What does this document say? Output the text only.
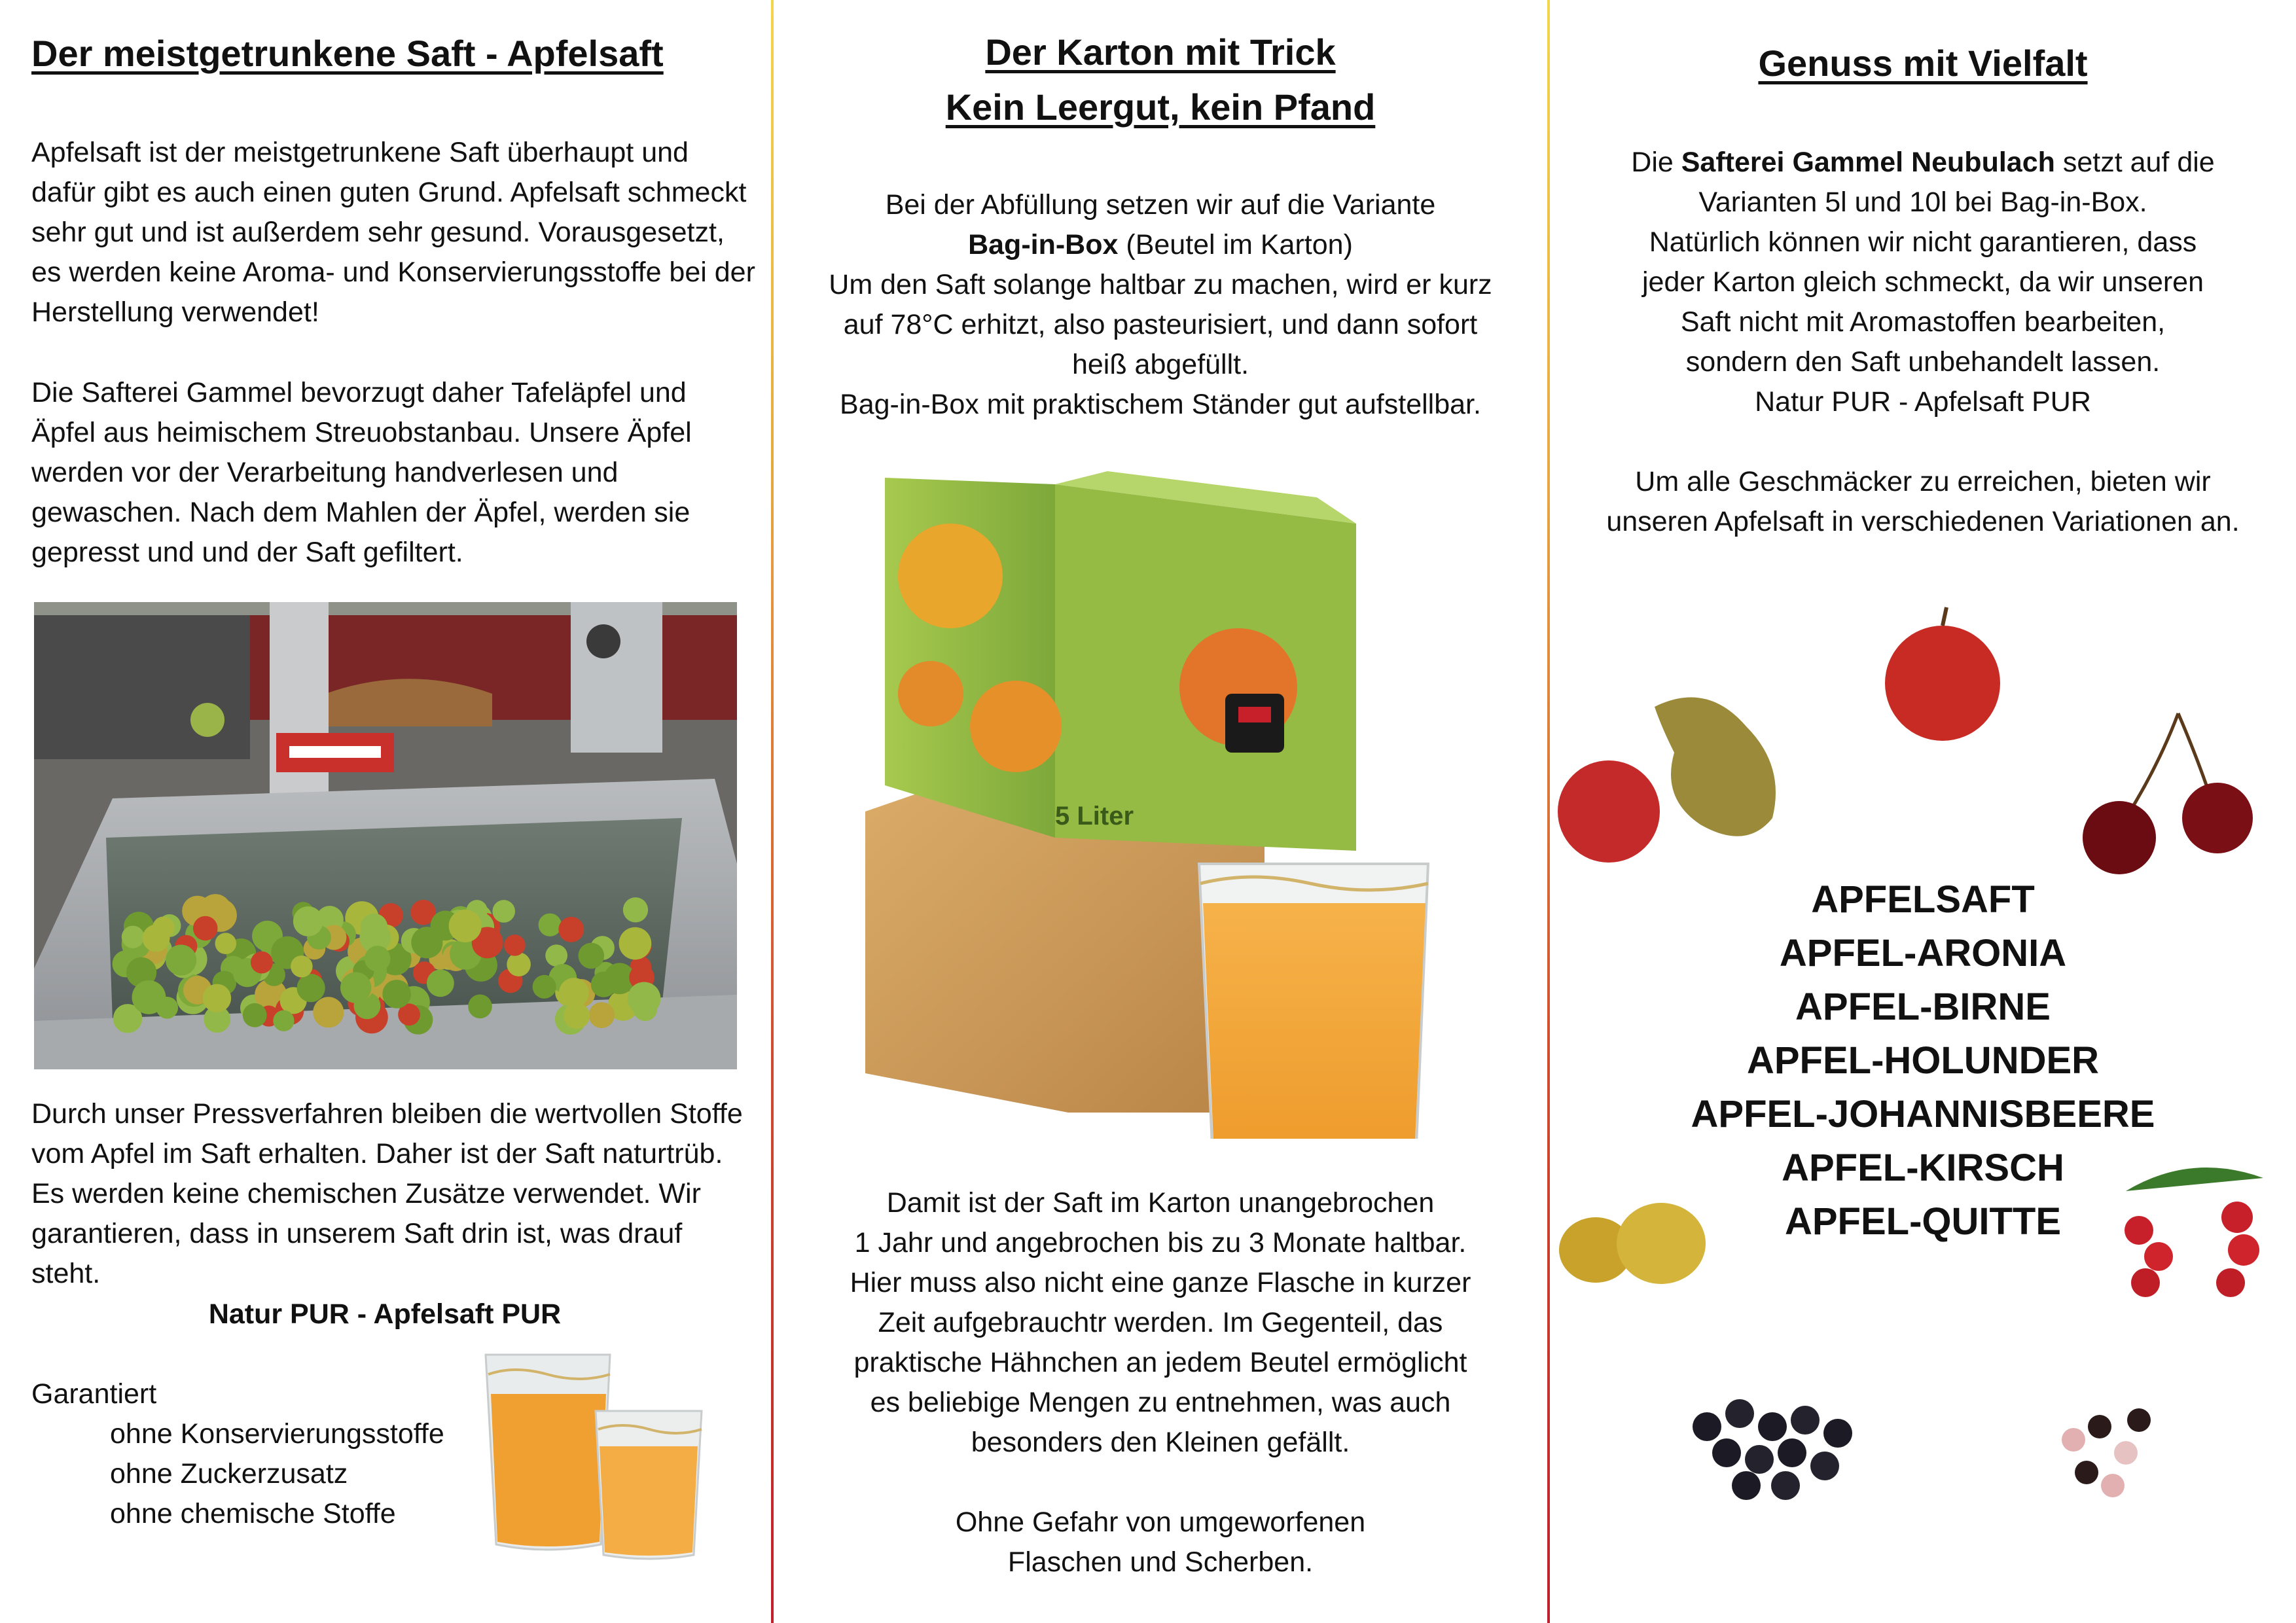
Der meistgetrunkene Saft - Apfelsaft

Apfelsaft ist der meistgetrunkene Saft überhaupt und dafür gibt es auch einen guten Grund. Apfelsaft schmeckt sehr gut und ist außerdem sehr gesund. Vorausgesetzt, es werden keine Aroma- und Konservierungsstoffe bei der Herstellung verwendet!

Die Safterei Gammel bevorzugt daher Tafeläpfel und Äpfel aus heimischem Streuobstanbau. Unsere Äpfel werden vor der Verarbeitung handverlesen und gewaschen. Nach dem Mahlen der Äpfel, werden sie gepresst und und der Saft gefiltert.

Durch unser Pressverfahren bleiben die wertvollen Stoffe vom Apfel im Saft erhalten. Daher ist der Saft naturtrüb. Es werden keine chemischen Zusätze verwendet. Wir garantieren, dass in unserem Saft drin ist, was drauf steht.

Natur PUR - Apfelsaft PUR

Garantiert

ohne Konservierungsstoffe

ohne Zuckerzusatz

ohne chemische Stoffe

Der Karton mit Trick
Kein Leergut, kein Pfand
Bei der Abfüllung setzen wir auf die Variante
Bag-in-Box (Beutel im Karton)
Um den Saft solange haltbar zu machen, wird er kurz
auf 78°C erhitzt, also pasteurisiert, und dann sofort
heiß abgefüllt.
Bag-in-Box mit praktischem Ständer gut aufstellbar.
5 Liter
Damit ist der Saft im Karton unangebrochen
1 Jahr und angebrochen bis zu 3 Monate haltbar.
Hier muss also nicht eine ganze Flasche in kurzer
Zeit aufgebrauchtr werden. Im Gegenteil, das
praktische Hähnchen an jedem Beutel ermöglicht
es beliebige Mengen zu entnehmen, was auch
besonders den Kleinen gefällt.
Ohne Gefahr von umgeworfenen
Flaschen und Scherben.
Genuss mit Vielfalt
Die Safterei Gammel Neubulach setzt auf die
Varianten 5l und 10l bei Bag-in-Box.
Natürlich können wir nicht garantieren, dass
jeder Karton gleich schmeckt, da wir unseren
Saft nicht mit Aromastoffen bearbeiten,
sondern den Saft unbehandelt lassen.
Natur PUR - Apfelsaft PUR
Um alle Geschmäcker zu erreichen, bieten wir
unseren Apfelsaft in verschiedenen Variationen an.
APFELSAFT
APFEL-ARONIA
APFEL-BIRNE
APFEL-HOLUNDER
APFEL-JOHANNISBEERE
APFEL-KIRSCH
APFEL-QUITTE
